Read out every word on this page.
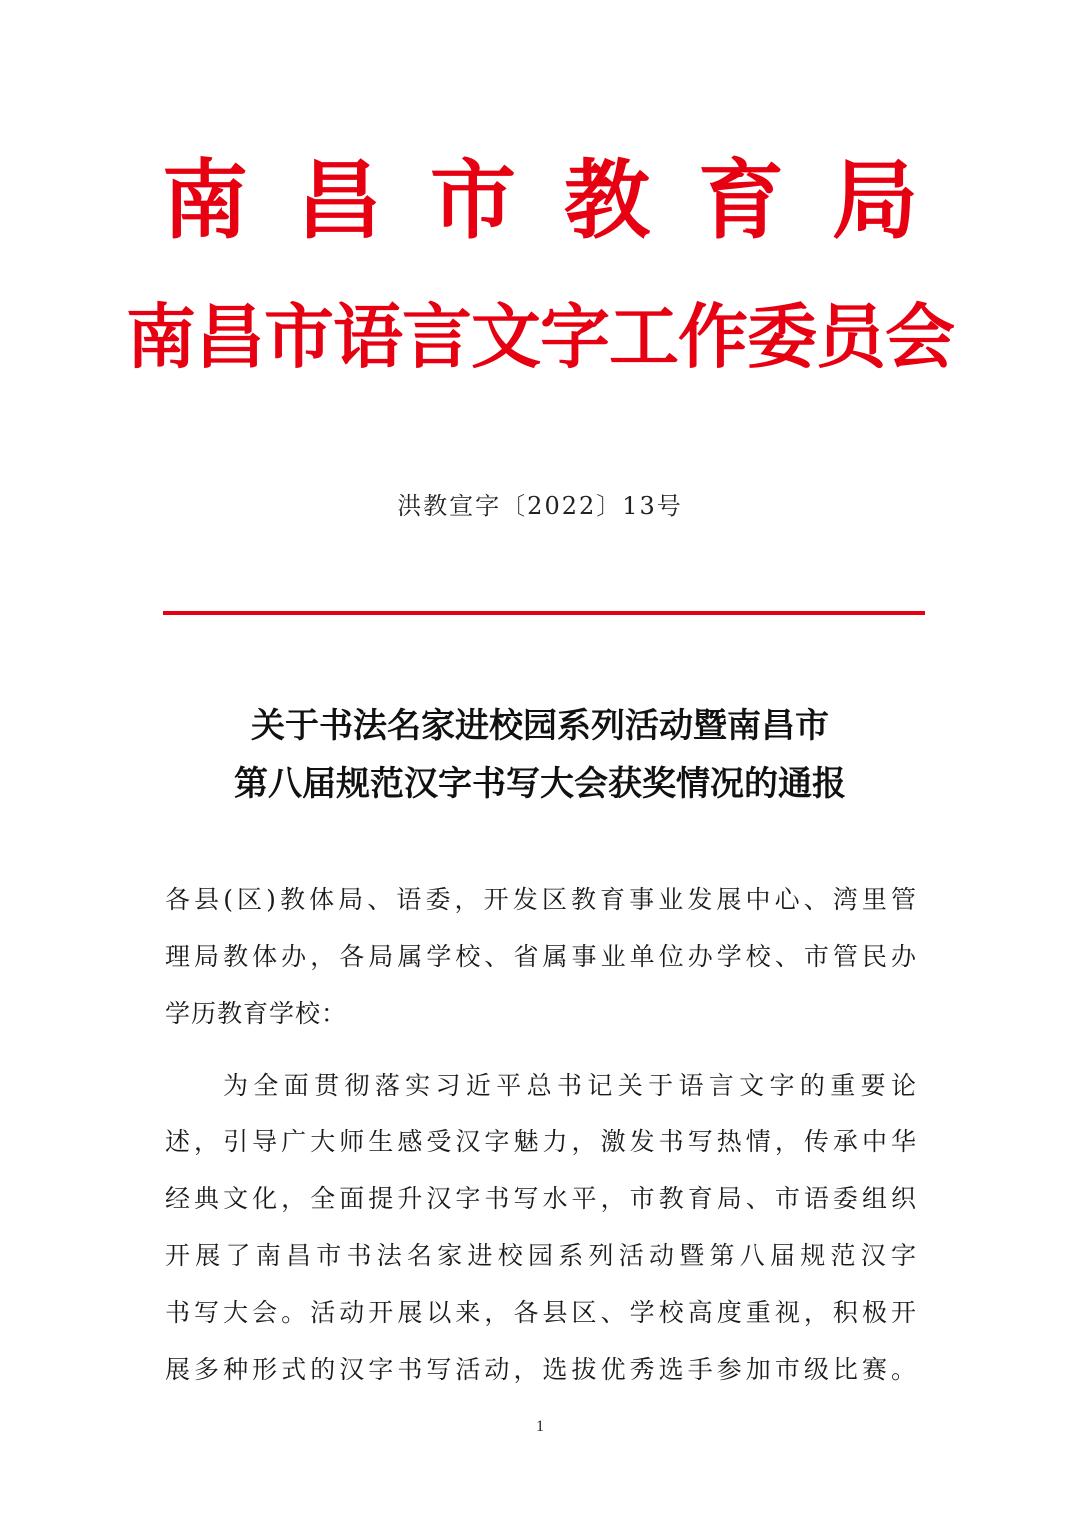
南昌市教育局
南昌市语言文字工作委员会
洪教宣字〔2022〕13号
关于书法名家进校园系列活动暨南昌市
第八届规范汉字书写大会获奖情况的通报
各县(区)教体局、语委，开发区教育事业发展中心、湾里管
理局教体办，各局属学校、省属事业单位办学校、市管民办
学历教育学校：
为全面贯彻落实习近平总书记关于语言文字的重要论
述，引导广大师生感受汉字魅力，激发书写热情，传承中华
经典文化，全面提升汉字书写水平，市教育局、市语委组织
开展了南昌市书法名家进校园系列活动暨第八届规范汉字
书写大会。活动开展以来，各县区、学校高度重视，积极开
展多种形式的汉字书写活动，选拔优秀选手参加市级比赛。
1
